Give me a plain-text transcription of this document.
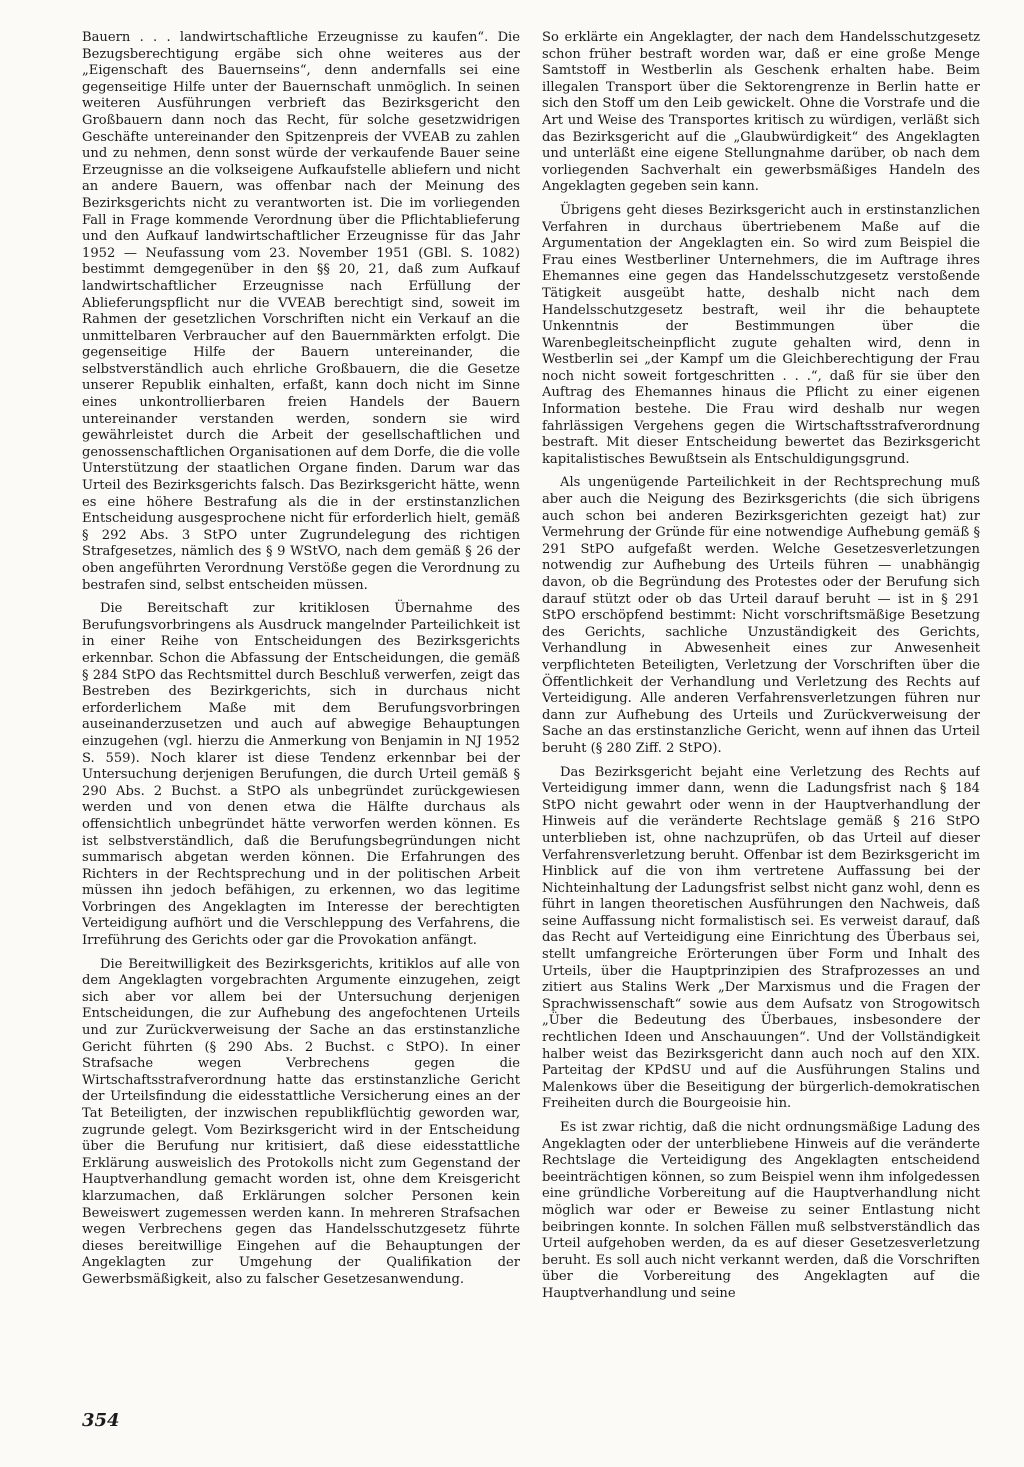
Bauern . . . landwirtschaftliche Erzeugnisse zu kaufen“. Die Bezugsberechtigung ergäbe sich ohne weiteres aus der „Eigenschaft des Bauernseins“, denn andernfalls sei eine gegenseitige Hilfe unter der Bauernschaft unmöglich. In seinen weiteren Ausführungen verbrieft das Bezirksgericht den Großbauern dann noch das Recht, für solche gesetzwidrigen Geschäfte untereinander den Spitzenpreis der VVEAB zu zahlen und zu nehmen, denn sonst würde der verkaufende Bauer seine Erzeugnisse an die volkseigene Aufkaufstelle abliefern und nicht an andere Bauern, was offenbar nach der Meinung des Bezirksgerichts nicht zu verantworten ist. Die im vorliegenden Fall in Frage kommende Verordnung über die Pflichtablieferung und den Aufkauf landwirtschaftlicher Erzeugnisse für das Jahr 1952 — Neufassung vom 23. November 1951 (GBl. S. 1082) bestimmt demgegenüber in den §§ 20, 21, daß zum Aufkauf landwirtschaftlicher Erzeugnisse nach Erfüllung der Ablieferungspflicht nur die VVEAB berechtigt sind, soweit im Rahmen der gesetzlichen Vorschriften nicht ein Verkauf an die unmittelbaren Verbraucher auf den Bauernmärkten erfolgt. Die gegenseitige Hilfe der Bauern untereinander, die selbstverständlich auch ehrliche Großbauern, die die Gesetze unserer Republik einhalten, erfaßt, kann doch nicht im Sinne eines unkontrollierbaren freien Handels der Bauern untereinander verstanden werden, sondern sie wird gewährleistet durch die Arbeit der gesellschaftlichen und genossenschaftlichen Organisationen auf dem Dorfe, die die volle Unterstützung der staatlichen Organe finden. Darum war das Urteil des Bezirksgerichts falsch. Das Bezirksgericht hätte, wenn es eine höhere Bestrafung als die in der erstinstanzlichen Entscheidung ausgesprochene nicht für erforderlich hielt, gemäß § 292 Abs. 3 StPO unter Zugrundelegung des richtigen Strafgesetzes, nämlich des § 9 WStVO, nach dem gemäß § 26 der oben angeführten Verordnung Verstöße gegen die Verordnung zu bestrafen sind, selbst entscheiden müssen.

Die Bereitschaft zur kritiklosen Übernahme des Berufungsvorbringens als Ausdruck mangelnder Parteilichkeit ist in einer Reihe von Entscheidungen des Bezirksgerichts erkennbar. Schon die Abfassung der Entscheidungen, die gemäß § 284 StPO das Rechtsmittel durch Beschluß verwerfen, zeigt das Bestreben des Bezirkgerichts, sich in durchaus nicht erforderlichem Maße mit dem Berufungsvorbringen auseinanderzusetzen und auch auf abwegige Behauptungen einzugehen (vgl. hierzu die Anmerkung von Benjamin in NJ 1952 S. 559). Noch klarer ist diese Tendenz erkennbar bei der Untersuchung derjenigen Berufungen, die durch Urteil gemäß § 290 Abs. 2 Buchst. a StPO als unbegründet zurückgewiesen werden und von denen etwa die Hälfte durchaus als offensichtlich unbegründet hätte verworfen werden können. Es ist selbstverständlich, daß die Berufungsbegründungen nicht summarisch abgetan werden können. Die Erfahrungen des Richters in der Rechtsprechung und in der politischen Arbeit müssen ihn jedoch befähigen, zu erkennen, wo das legitime Vorbringen des Angeklagten im Interesse der berechtigten Verteidigung aufhört und die Verschleppung des Verfahrens, die Irreführung des Gerichts oder gar die Provokation anfängt.

Die Bereitwilligkeit des Bezirksgerichts, kritiklos auf alle von dem Angeklagten vorgebrachten Argumente einzugehen, zeigt sich aber vor allem bei der Untersuchung derjenigen Entscheidungen, die zur Aufhebung des angefochtenen Urteils und zur Zurückverweisung der Sache an das erstinstanzliche Gericht führten (§ 290 Abs. 2 Buchst. c StPO). In einer Strafsache wegen Verbrechens gegen die Wirtschaftsstrafverordnung hatte das erstinstanzliche Gericht der Urteilsfindung die eidesstattliche Versicherung eines an der Tat Beteiligten, der inzwischen republikflüchtig geworden war, zugrunde gelegt. Vom Bezirksgericht wird in der Entscheidung über die Berufung nur kritisiert, daß diese eidesstattliche Erklärung ausweislich des Protokolls nicht zum Gegenstand der Hauptverhandlung gemacht worden ist, ohne dem Kreisgericht klarzumachen, daß Erklärungen solcher Personen kein Beweiswert zugemessen werden kann. In mehreren Strafsachen wegen Verbrechens gegen das Handelsschutzgesetz führte dieses bereitwillige Eingehen auf die Behauptungen der Angeklagten zur Umgehung der Qualifikation der Gewerbsmäßigkeit, also zu falscher Gesetzesanwendung.

So erklärte ein Angeklagter, der nach dem Handelsschutzgesetz schon früher bestraft worden war, daß er eine große Menge Samtstoff in Westberlin als Geschenk erhalten habe. Beim illegalen Transport über die Sektorengrenze in Berlin hatte er sich den Stoff um den Leib gewickelt. Ohne die Vorstrafe und die Art und Weise des Transportes kritisch zu würdigen, verläßt sich das Bezirksgericht auf die „Glaubwürdigkeit“ des Angeklagten und unterläßt eine eigene Stellungnahme darüber, ob nach dem vorliegenden Sachverhalt ein gewerbsmäßiges Handeln des Angeklagten gegeben sein kann.

Übrigens geht dieses Bezirksgericht auch in erstinstanzlichen Verfahren in durchaus übertriebenem Maße auf die Argumentation der Angeklagten ein. So wird zum Beispiel die Frau eines Westberliner Unternehmers, die im Auftrage ihres Ehemannes eine gegen das Handelsschutzgesetz verstoßende Tätigkeit ausgeübt hatte, deshalb nicht nach dem Handelsschutzgesetz bestraft, weil ihr die behauptete Unkenntnis der Bestimmungen über die Warenbegleitscheinpflicht zugute gehalten wird, denn in Westberlin sei „der Kampf um die Gleichberechtigung der Frau noch nicht soweit fortgeschritten . . .“, daß für sie über den Auftrag des Ehemannes hinaus die Pflicht zu einer eigenen Information bestehe. Die Frau wird deshalb nur wegen fahrlässigen Vergehens gegen die Wirtschaftsstrafverordnung bestraft. Mit dieser Entscheidung bewertet das Bezirksgericht kapitalistisches Bewußtsein als Entschuldigungsgrund.

Als ungenügende Parteilichkeit in der Rechtsprechung muß aber auch die Neigung des Bezirksgerichts (die sich übrigens auch schon bei anderen Bezirksgerichten gezeigt hat) zur Vermehrung der Gründe für eine notwendige Aufhebung gemäß § 291 StPO aufgefaßt werden. Welche Gesetzesverletzungen notwendig zur Aufhebung des Urteils führen — unabhängig davon, ob die Begründung des Protestes oder der Berufung sich darauf stützt oder ob das Urteil darauf beruht — ist in § 291 StPO erschöpfend bestimmt: Nicht vorschriftsmäßige Besetzung des Gerichts, sachliche Unzuständigkeit des Gerichts, Verhandlung in Abwesenheit eines zur Anwesenheit verpflichteten Beteiligten, Verletzung der Vorschriften über die Öffentlichkeit der Verhandlung und Verletzung des Rechts auf Verteidigung. Alle anderen Verfahrensverletzungen führen nur dann zur Aufhebung des Urteils und Zurückverweisung der Sache an das erstinstanzliche Gericht, wenn auf ihnen das Urteil beruht (§ 280 Ziff. 2 StPO).

Das Bezirksgericht bejaht eine Verletzung des Rechts auf Verteidigung immer dann, wenn die Ladungsfrist nach § 184 StPO nicht gewahrt oder wenn in der Hauptverhandlung der Hinweis auf die veränderte Rechtslage gemäß § 216 StPO unterblieben ist, ohne nachzuprüfen, ob das Urteil auf dieser Verfahrensverletzung beruht. Offenbar ist dem Bezirksgericht im Hinblick auf die von ihm vertretene Auffassung bei der Nichteinhaltung der Ladungsfrist selbst nicht ganz wohl, denn es führt in langen theoretischen Ausführungen den Nachweis, daß seine Auffassung nicht formalistisch sei. Es verweist darauf, daß das Recht auf Verteidigung eine Einrichtung des Überbaus sei, stellt umfangreiche Erörterungen über Form und Inhalt des Urteils, über die Hauptprinzipien des Strafprozesses an und zitiert aus Stalins Werk „Der Marxismus und die Fragen der Sprachwissenschaft“ sowie aus dem Aufsatz von Strogowitsch „Über die Bedeutung des Überbaues, insbesondere der rechtlichen Ideen und Anschauungen“. Und der Vollständigkeit halber weist das Bezirksgericht dann auch noch auf den XIX. Parteitag der KPdSU und auf die Ausführungen Stalins und Malenkows über die Beseitigung der bürgerlich-demokratischen Freiheiten durch die Bourgeoisie hin.

Es ist zwar richtig, daß die nicht ordnungsmäßige Ladung des Angeklagten oder der unterbliebene Hinweis auf die veränderte Rechtslage die Verteidigung des Angeklagten entscheidend beeinträchtigen können, so zum Beispiel wenn ihm infolgedessen eine gründliche Vorbereitung auf die Hauptverhandlung nicht möglich war oder er Beweise zu seiner Entlastung nicht beibringen konnte. In solchen Fällen muß selbstverständlich das Urteil aufgehoben werden, da es auf dieser Gesetzesverletzung beruht. Es soll auch nicht verkannt werden, daß die Vorschriften über die Vorbereitung des Angeklagten auf die Hauptverhandlung und seine

354
